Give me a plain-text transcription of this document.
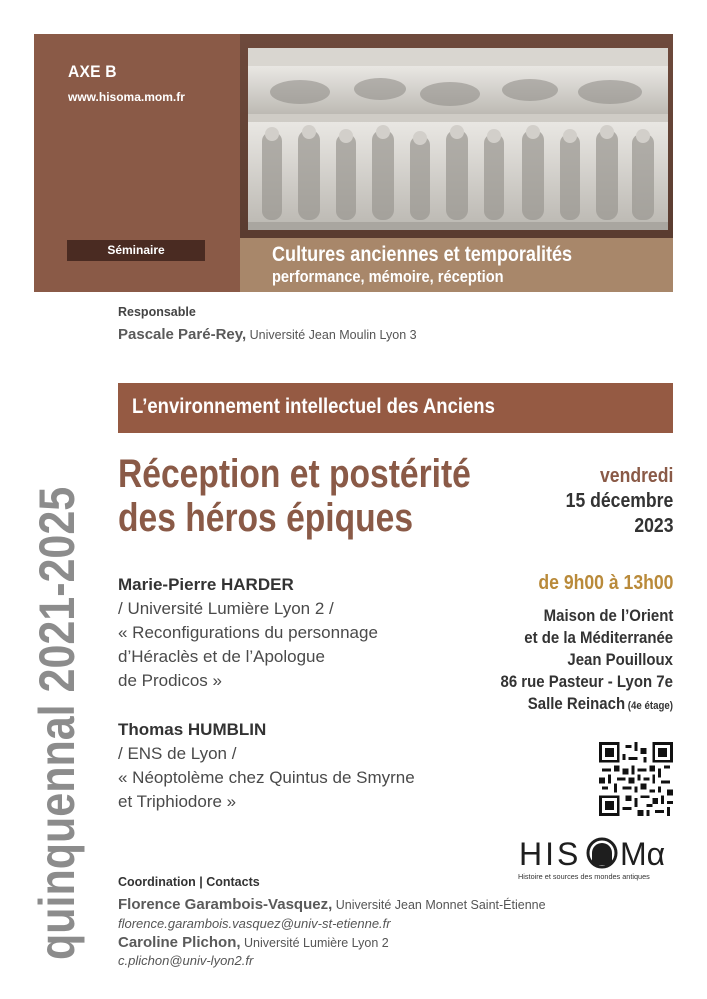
AXE B
www.hisoma.mom.fr
Séminaire	Cultures anciennes et temporalités
performance, mémoire, réception
Responsable
Pascale Paré-Rey, Université Jean Moulin Lyon 3
quinquennal 2021-2025
L’environnement intellectuel des Anciens
Réception et postérité
des héros épiques
vendredi
15 décembre
2023
de 9h00 à 13h00
Maison de l’Orient
et de la Méditerranée
Jean Pouilloux
86 rue Pasteur - Lyon 7e
Salle Reinach (4e étage)
Marie-Pierre HARDER
/ Université Lumière Lyon 2 /
« Reconfigurations du personnage
d’Héraclès et de l’Apologue
de Prodicos »
Thomas HUMBLIN
/ ENS de Lyon /
« Néoptolème chez Quintus de Smyrne
et Triphiodore »
HIS Mα
Histoire et sources des mondes antiques
Coordination | Contacts
Florence Garambois-Vasquez, Université Jean Monnet Saint-Étienne
florence.garambois.vasquez@univ-st-etienne.fr
Caroline Plichon, Université Lumière Lyon 2
c.plichon@univ-lyon2.fr
